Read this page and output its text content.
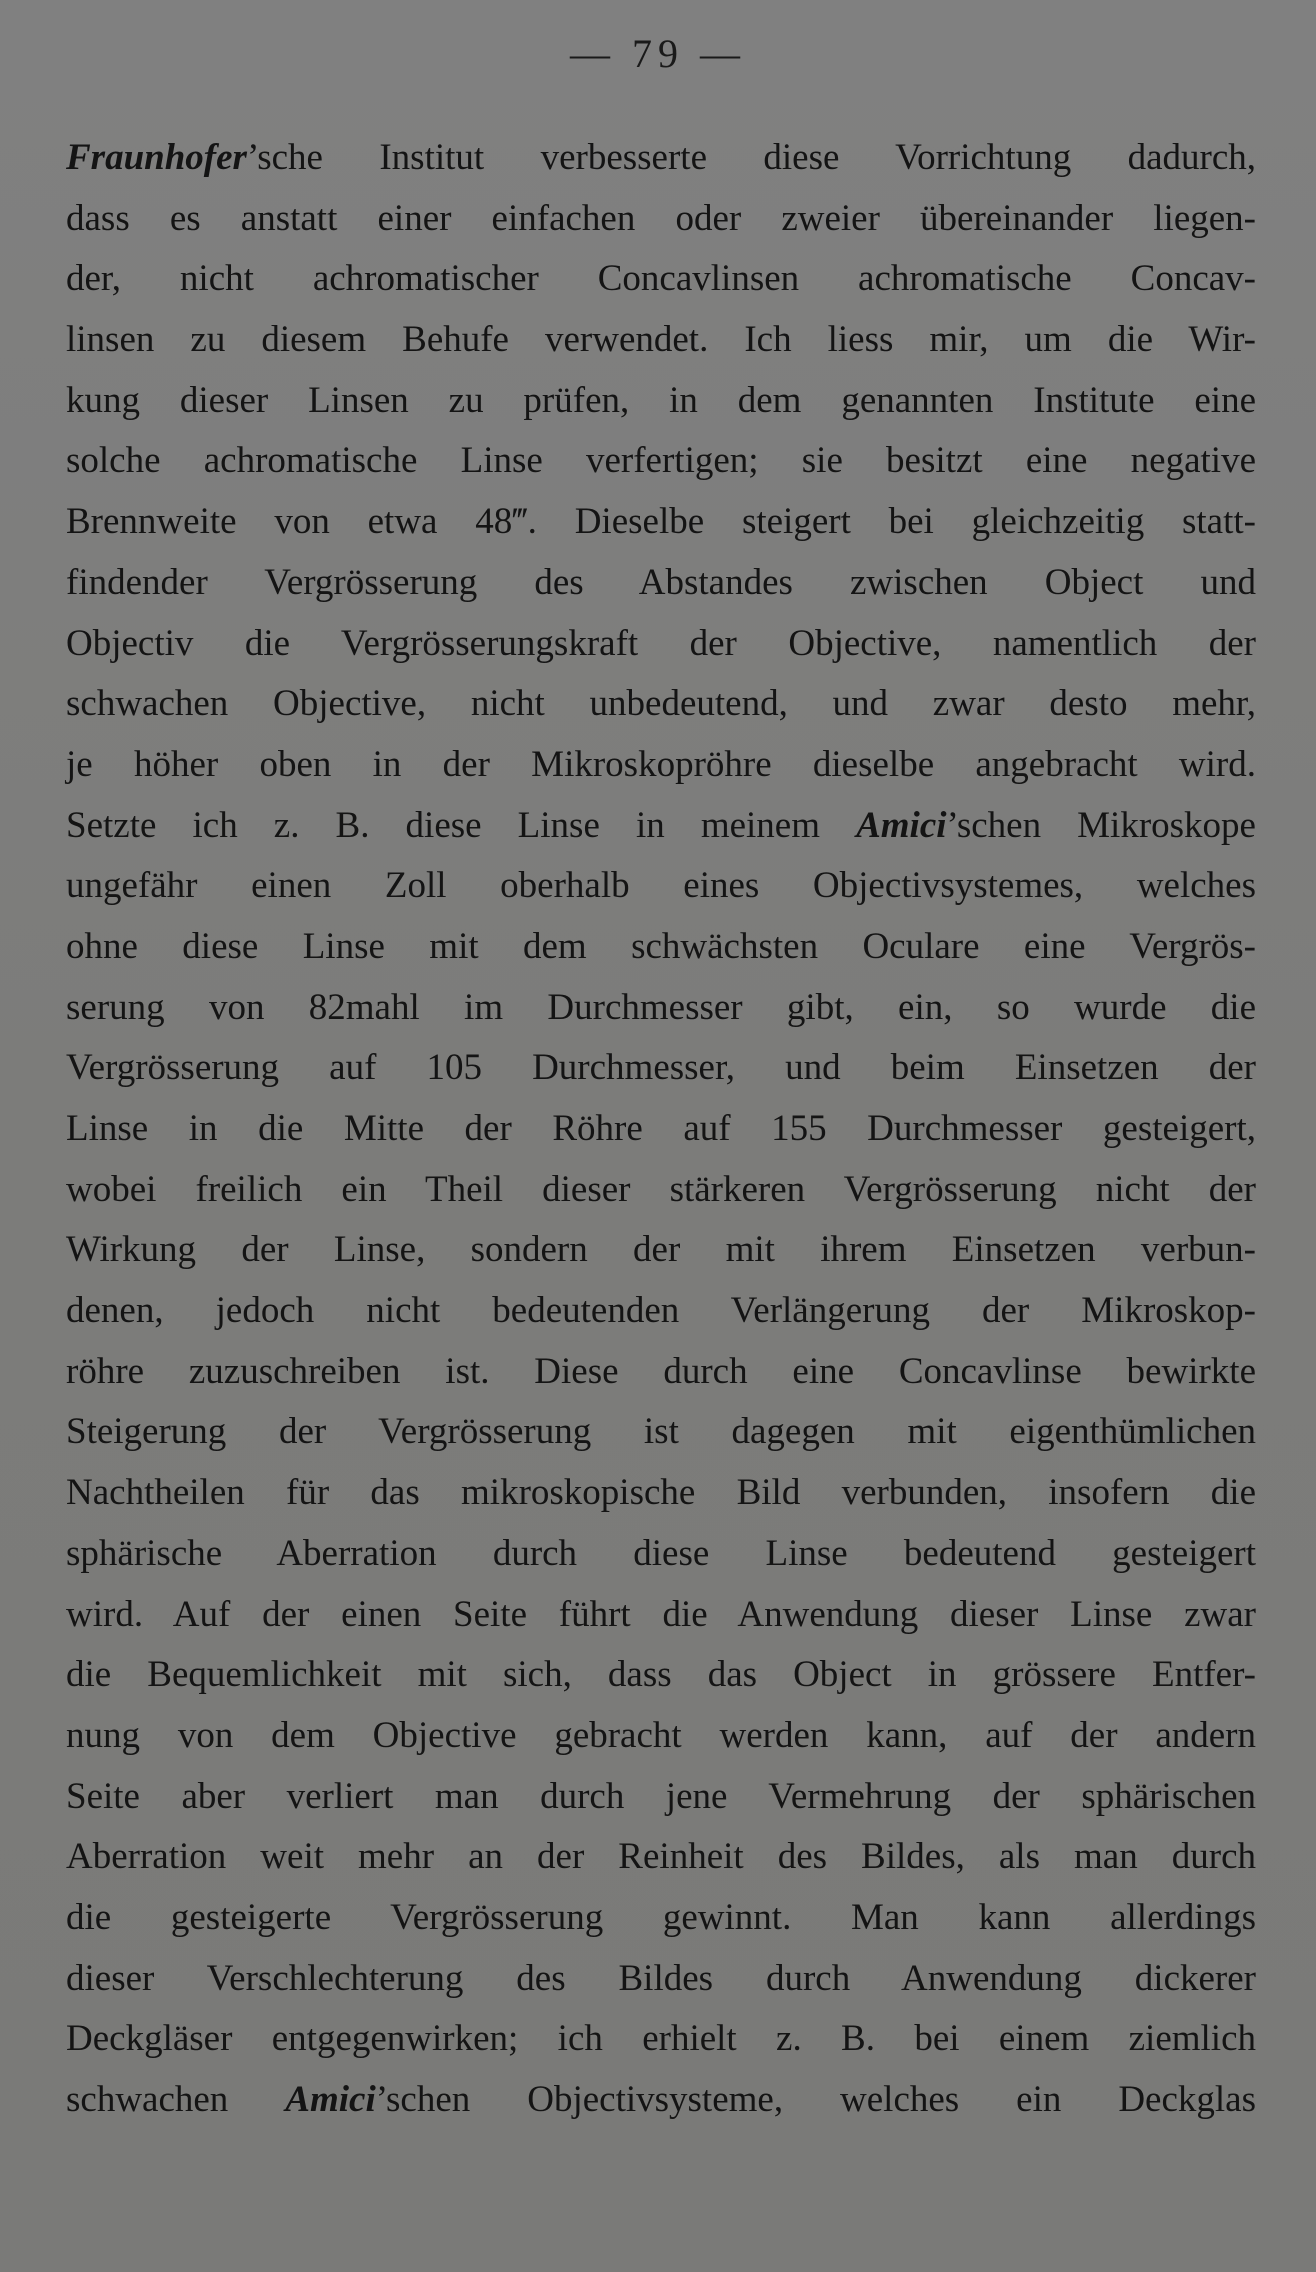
— 79 —
Fraunhofer’sche Institut verbesserte diese Vorrichtung dadurch,
dass es anstatt einer einfachen oder zweier übereinander liegen-
der, nicht achromatischer Concavlinsen achromatische Concav-
linsen zu diesem Behufe verwendet. Ich liess mir, um die Wir-
kung dieser Linsen zu prüfen, in dem genannten Institute eine
solche achromatische Linse verfertigen; sie besitzt eine negative
Brennweite von etwa 48‴. Dieselbe steigert bei gleichzeitig statt-
findender Vergrösserung des Abstandes zwischen Object und
Objectiv die Vergrösserungskraft der Objective, namentlich der
schwachen Objective, nicht unbedeutend, und zwar desto mehr,
je höher oben in der Mikroskopröhre dieselbe angebracht wird.
Setzte ich z. B. diese Linse in meinem Amici’schen Mikroskope
ungefähr einen Zoll oberhalb eines Objectivsystemes, welches
ohne diese Linse mit dem schwächsten Oculare eine Vergrös-
serung von 82mahl im Durchmesser gibt, ein, so wurde die
Vergrösserung auf 105 Durchmesser, und beim Einsetzen der
Linse in die Mitte der Röhre auf 155 Durchmesser gesteigert,
wobei freilich ein Theil dieser stärkeren Vergrösserung nicht der
Wirkung der Linse, sondern der mit ihrem Einsetzen verbun-
denen, jedoch nicht bedeutenden Verlängerung der Mikroskop-
röhre zuzuschreiben ist. Diese durch eine Concavlinse bewirkte
Steigerung der Vergrösserung ist dagegen mit eigenthümlichen
Nachtheilen für das mikroskopische Bild verbunden, insofern die
sphärische Aberration durch diese Linse bedeutend gesteigert
wird. Auf der einen Seite führt die Anwendung dieser Linse zwar
die Bequemlichkeit mit sich, dass das Object in grössere Entfer-
nung von dem Objective gebracht werden kann, auf der andern
Seite aber verliert man durch jene Vermehrung der sphärischen
Aberration weit mehr an der Reinheit des Bildes, als man durch
die gesteigerte Vergrösserung gewinnt. Man kann allerdings
dieser Verschlechterung des Bildes durch Anwendung dickerer
Deckgläser entgegenwirken; ich erhielt z. B. bei einem ziemlich
schwachen Amici’schen Objectivsysteme, welches ein Deckglas
